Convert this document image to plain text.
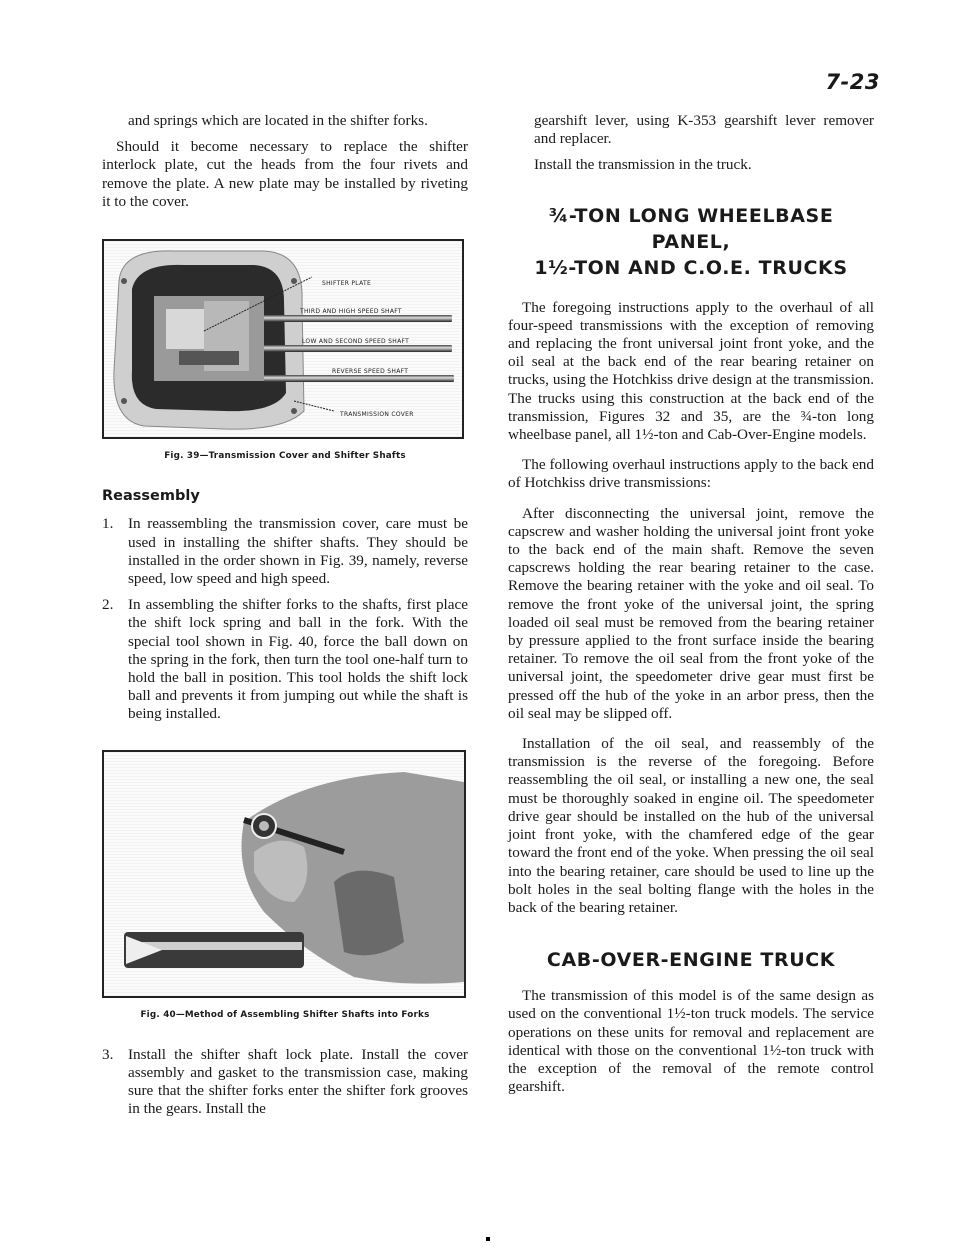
7-23

and springs which are located in the shifter forks.

Should it become necessary to replace the shifter interlock plate, cut the heads from the four rivets and remove the plate. A new plate may be installed by riveting it to the cover.

SHIFTER PLATE
THIRD AND HIGH SPEED SHAFT
LOW AND SECOND SPEED SHAFT
REVERSE SPEED SHAFT
TRANSMISSION COVER
Fig. 39—Transmission Cover and Shifter Shafts
Reassembly
1. In reassembling the transmission cover, care must be used in installing the shifter shafts. They should be installed in the order shown in Fig. 39, namely, reverse speed, low speed and high speed.
2. In assembling the shifter forks to the shafts, first place the shift lock spring and ball in the fork. With the special tool shown in Fig. 40, force the ball down on the spring in the fork, then turn the tool one-half turn to hold the ball in position. This tool holds the shift lock ball and prevents it from jumping out while the shaft is being installed.
Fig. 40—Method of Assembling Shifter Shafts into Forks
3. Install the shifter shaft lock plate. Install the cover assembly and gasket to the transmission case, making sure that the shifter forks enter the shifter fork grooves in the gears. Install the

gearshift lever, using K-353 gearshift lever remover and replacer.

Install the transmission in the truck.

¾-TON LONG WHEELBASE PANEL,
1½-TON AND C.O.E. TRUCKS

The foregoing instructions apply to the overhaul of all four-speed transmissions with the exception of removing and replacing the front universal joint front yoke, and the oil seal at the back end of the rear bearing retainer on trucks, using the Hotchkiss drive design at the transmission. The trucks using this construction at the back end of the transmission, Figures 32 and 35, are the ¾-ton long wheelbase panel, all 1½-ton and Cab-Over-Engine models.

The following overhaul instructions apply to the back end of Hotchkiss drive transmissions:

After disconnecting the universal joint, remove the capscrew and washer holding the universal joint front yoke to the back end of the main shaft. Remove the seven capscrews holding the rear bearing retainer to the case. Remove the bearing retainer with the yoke and oil seal. To remove the front yoke of the universal joint, the spring loaded oil seal must be removed from the bearing retainer by pressure applied to the front surface inside the bearing retainer. To remove the oil seal from the front yoke of the universal joint, the speedometer drive gear must first be pressed off the hub of the yoke in an arbor press, then the oil seal may be slipped off.

Installation of the oil seal, and reassembly of the transmission is the reverse of the foregoing. Before reassembling the oil seal, or installing a new one, the seal must be thoroughly soaked in engine oil. The speedometer drive gear should be installed on the hub of the universal joint front yoke, with the chamfered edge of the gear toward the front end of the yoke. When pressing the oil seal into the bearing retainer, care should be used to line up the bolt holes in the seal bolting flange with the holes in the back of the bearing retainer.

CAB-OVER-ENGINE TRUCK

The transmission of this model is of the same design as used on the conventional 1½-ton truck models. The service operations on these units for removal and replacement are identical with those on the conventional 1½-ton truck with the exception of the removal of the remote control gearshift.
